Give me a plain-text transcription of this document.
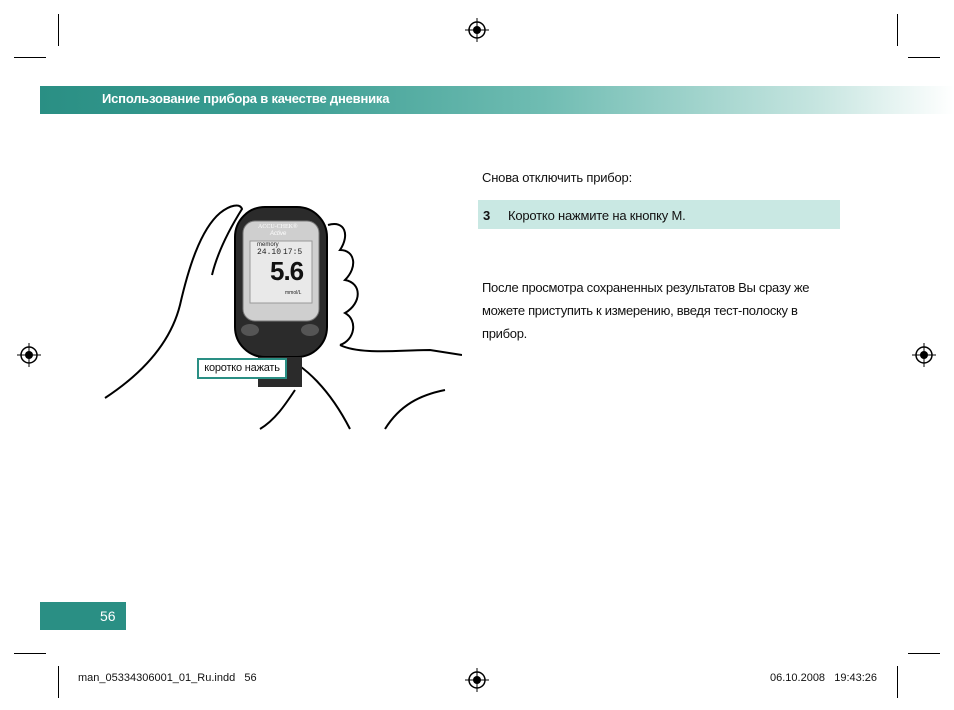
Использование прибора в качестве дневника
ACCU-CHEK®
Active
memory
24.10 17:5
5.6
mmol/L
коротко нажать
Снова отключить прибор:
3 Коротко нажмите на кнопку M.
После просмотра сохраненных результатов Вы сразу же можете приступить к измерению, введя тест-полоску в прибор.
56
man_05334306001_01_Ru.indd   56	06.10.2008   19:43:26
